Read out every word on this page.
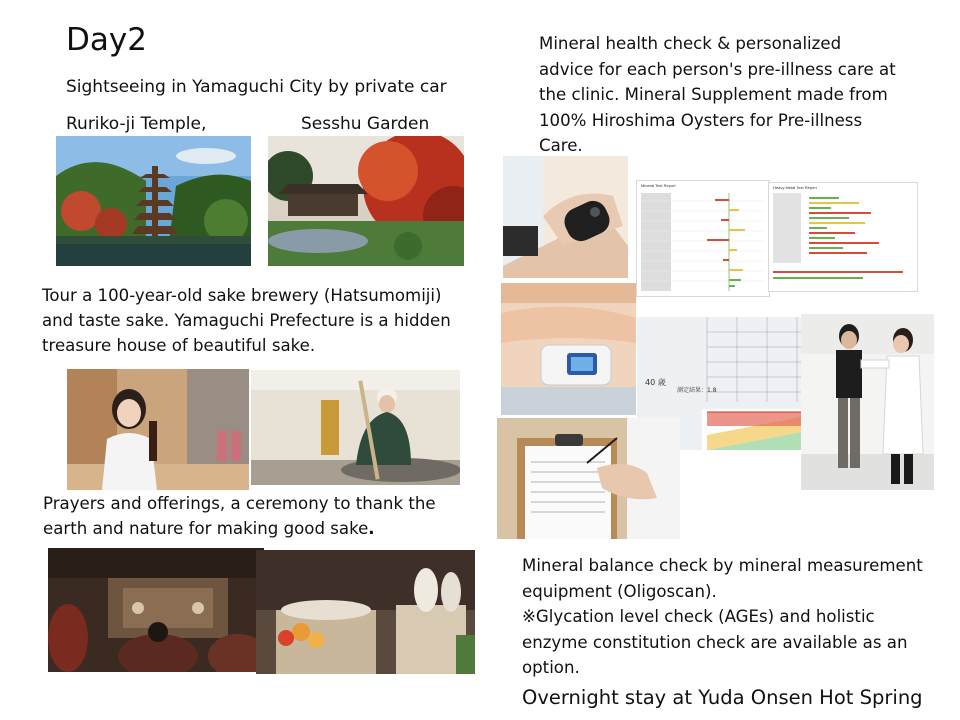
Day2
Sightseeing in Yamaguchi City by private car
Ruriko-ji Temple,	Sesshu Garden
Tour a 100-year-old sake brewery (Hatsumomiji)
and taste sake. Yamaguchi Prefecture is a hidden
treasure house of beautiful sake.
Prayers and offerings, a ceremony to thank the
earth and nature for making good sake.
Mineral health check & personalized
advice for each person's pre-illness care at
the clinic. Mineral Supplement made from
100% Hiroshima Oysters for Pre-illness
Care.
Mineral balance check by mineral measurement
equipment (Oligoscan).
※Glycation level check (AGEs) and holistic
enzyme constitution check are available as an
option.
Overnight stay at Yuda Onsen Hot Spring
Mineral Test Report	Heavy Metal Test Report
40 歳
測定結果：1.8
